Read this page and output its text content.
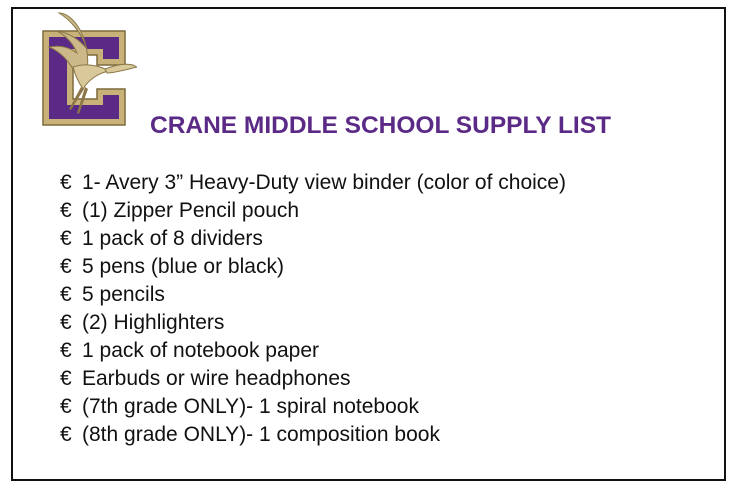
CRANE MIDDLE SCHOOL SUPPLY LIST
€ 1- Avery 3” Heavy-Duty view binder (color of choice)
€ (1) Zipper Pencil pouch
€ 1 pack of 8 dividers
€ 5 pens (blue or black)
€ 5 pencils
€ (2) Highlighters
€ 1 pack of notebook paper
€ Earbuds or wire headphones
€ (7th grade ONLY)- 1 spiral notebook
€ (8th grade ONLY)- 1 composition book
